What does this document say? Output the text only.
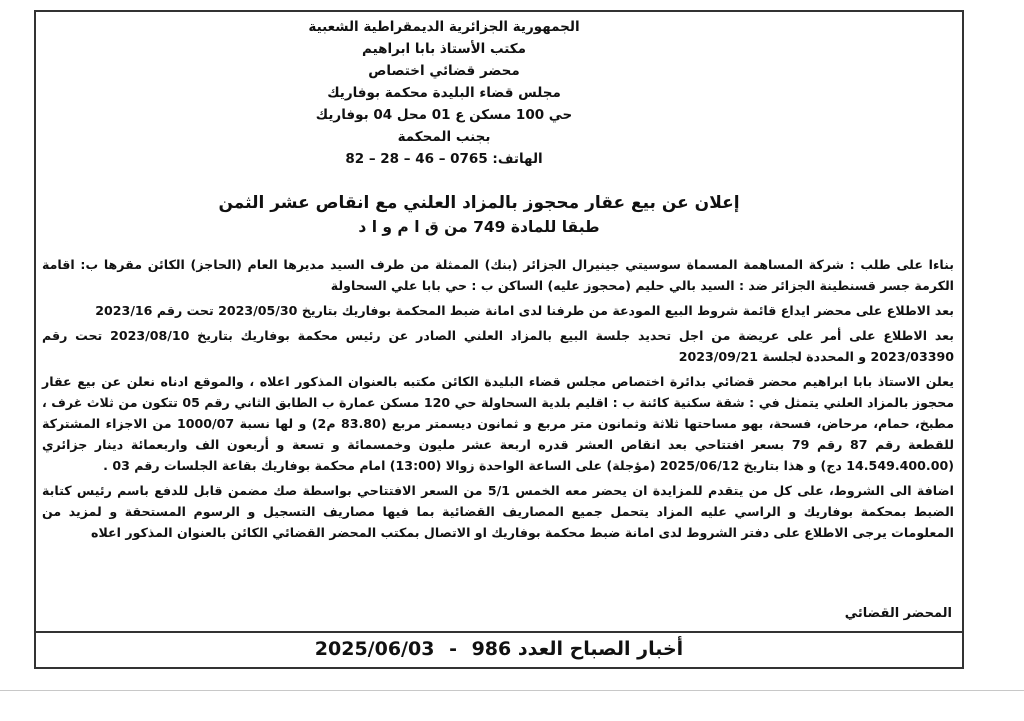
الجمهورية الجزائرية الديمقراطية الشعبية
مكتب الأستاذ بابا ابراهيم
محضر قضائي اختصاص
مجلس قضاء البليدة محكمة بوفاريك
حي 100 مسكن ع 01 محل 04 بوفاريك
بجنب المحكمة
الهاتف: 82 – 28 – 46 – 0765
إعلان عن بيع عقار محجوز بالمزاد العلني مع انقاص عشر الثمن
طبقا للمادة 749 من ق ا م و ا د

بناءا على طلب : شركة المساهمة المسماة سوسيتي جينيرال الجزائر (بنك) الممثلة من طرف السيد مديرها العام (الحاجز) الكائن مقرها ب: اقامة الكرمة جسر قسنطينة الجزائر ضد : السيد بالي حليم (محجوز عليه) الساكن ب : حي بابا علي السحاولة

بعد الاطلاع على محضر ايداع قائمة شروط البيع المودعة من طرفنا لدى امانة ضبط المحكمة بوفاريك بتاريخ 2023/05/30 تحت رقم 2023/16

بعد الاطلاع على أمر على عريضة من اجل تحديد جلسة البيع بالمزاد العلني الصادر عن رئيس محكمة بوفاريك بتاريخ 2023/08/10 تحت رقم 2023/03390 و المحددة لجلسة 2023/09/21

يعلن الاستاذ بابا ابراهيم محضر قضائي بدائرة اختصاص مجلس قضاء البليدة الكائن مكتبه بالعنوان المذكور اعلاه ، والموقع ادناه نعلن عن بيع عقار محجوز بالمزاد العلني يتمثل في : شقة سكنية كائنة ب : اقليم بلدية السحاولة حي 120 مسكن عمارة ب الطابق الثاني رقم 05 تتكون من ثلاث غرف ، مطبخ، حمام، مرحاض، فسحة، بهو مساحتها ثلاثة وثمانون متر مربع و ثمانون ديسمتر مربع (83.80 م2) و لها نسبة 1000/07 من الاجزاء المشتركة للقطعة رقم 87 رقم 79 بسعر افتتاحي بعد انقاص العشر قدره اربعة عشر مليون وخمسمائة و تسعة و أربعون الف واربعمائة دينار جزائري (14.549.400.00 دج) و هذا بتاريخ 2025/06/12 (مؤجلة) على الساعة الواحدة زوالا (13:00) امام محكمة بوفاريك بقاعة الجلسات رقم 03 .

اضافة الى الشروط، على كل من يتقدم للمزايدة ان يحضر معه الخمس 5/1 من السعر الافتتاحي بواسطة صك مضمن قابل للدفع باسم رئيس كتابة الضبط بمحكمة بوفاريك و الراسي عليه المزاد يتحمل جميع المصاريف القضائية بما فيها مصاريف التسجيل و الرسوم المستحقة و لمزيد من المعلومات يرجى الاطلاع على دفتر الشروط لدى امانة ضبط محكمة بوفاريك او الاتصال بمكتب المحضر القضائي الكائن بالعنوان المذكور اعلاه

المحضر القضائي
أخبار الصباح العدد 986 - 2025/06/03
